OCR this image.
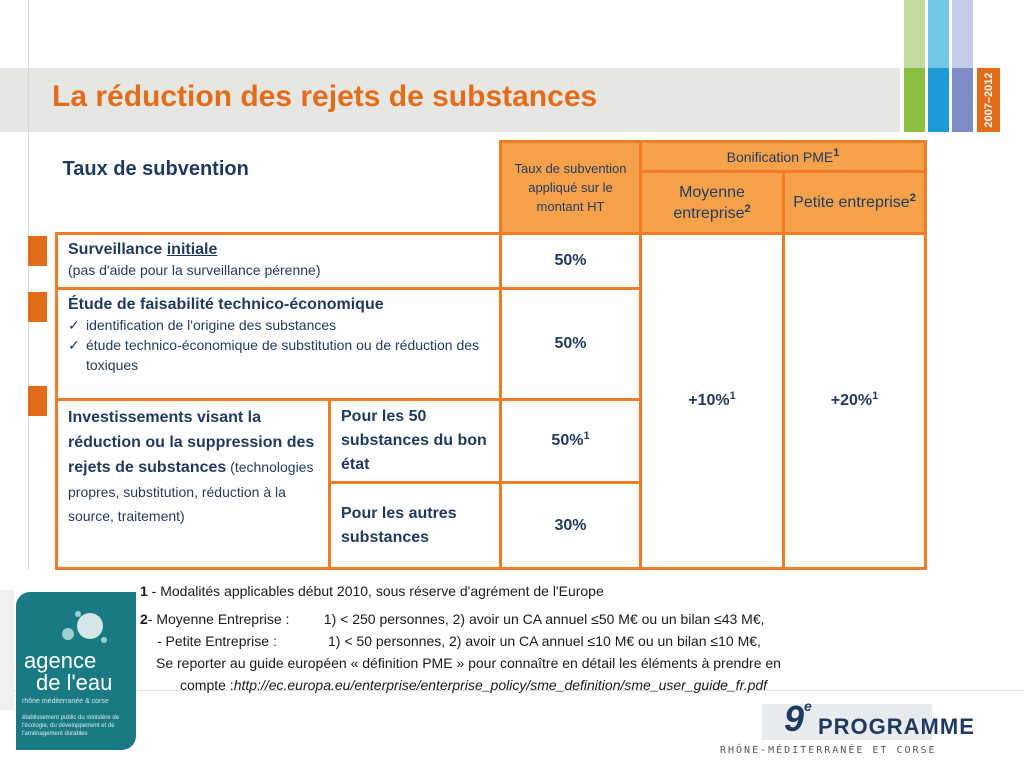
2007–2012
La réduction des rejets de substances
Taux de subvention		Taux de subvention appliqué sur le montant HT	Bonification PME$^1$
			Moyenne entreprise$^2$	Petite entreprise$^2$
Surveillance initiale
(pas d'aide pour la surveillance pérenne)		50%	+10%$^1$	+20%$^1$
Étude de faisabilité technico-économique
✓ identification de l'origine des substances
✓ étude technico-économique de substitution ou de réduction des toxiques		50%		
Investissements visant la réduction ou la suppression des rejets de substances (technologies propres, substitution, réduction à la source, traitement)	Pour les 50 substances du bon état	50%$^1$
	Pour les autres substances	30%		
1 - Modalités applicables début 2010, sous réserve d'agrément de l'Europe
2- Moyenne Entreprise : 1) < 250 personnes, 2) avoir un CA annuel ≤50 M€ ou un bilan ≤43 M€,
- Petite Entreprise :	1) < 50 personnes, 2) avoir un CA annuel ≤10 M€ ou un bilan ≤10 M€,
Se reporter au guide européen « définition PME » pour connaître en détail les éléments à prendre en
compte :http://ec.europa.eu/enterprise/enterprise_policy/sme_definition/sme_user_guide_fr.pdf
agence
de l'eau
rhône méditerranée & corse
établissement public du ministère de l'écologie, du développement et de l'aménagement durables	9e
PROGRAMME
RHÔNE-MÉDITERRANÉE ET CORSE
